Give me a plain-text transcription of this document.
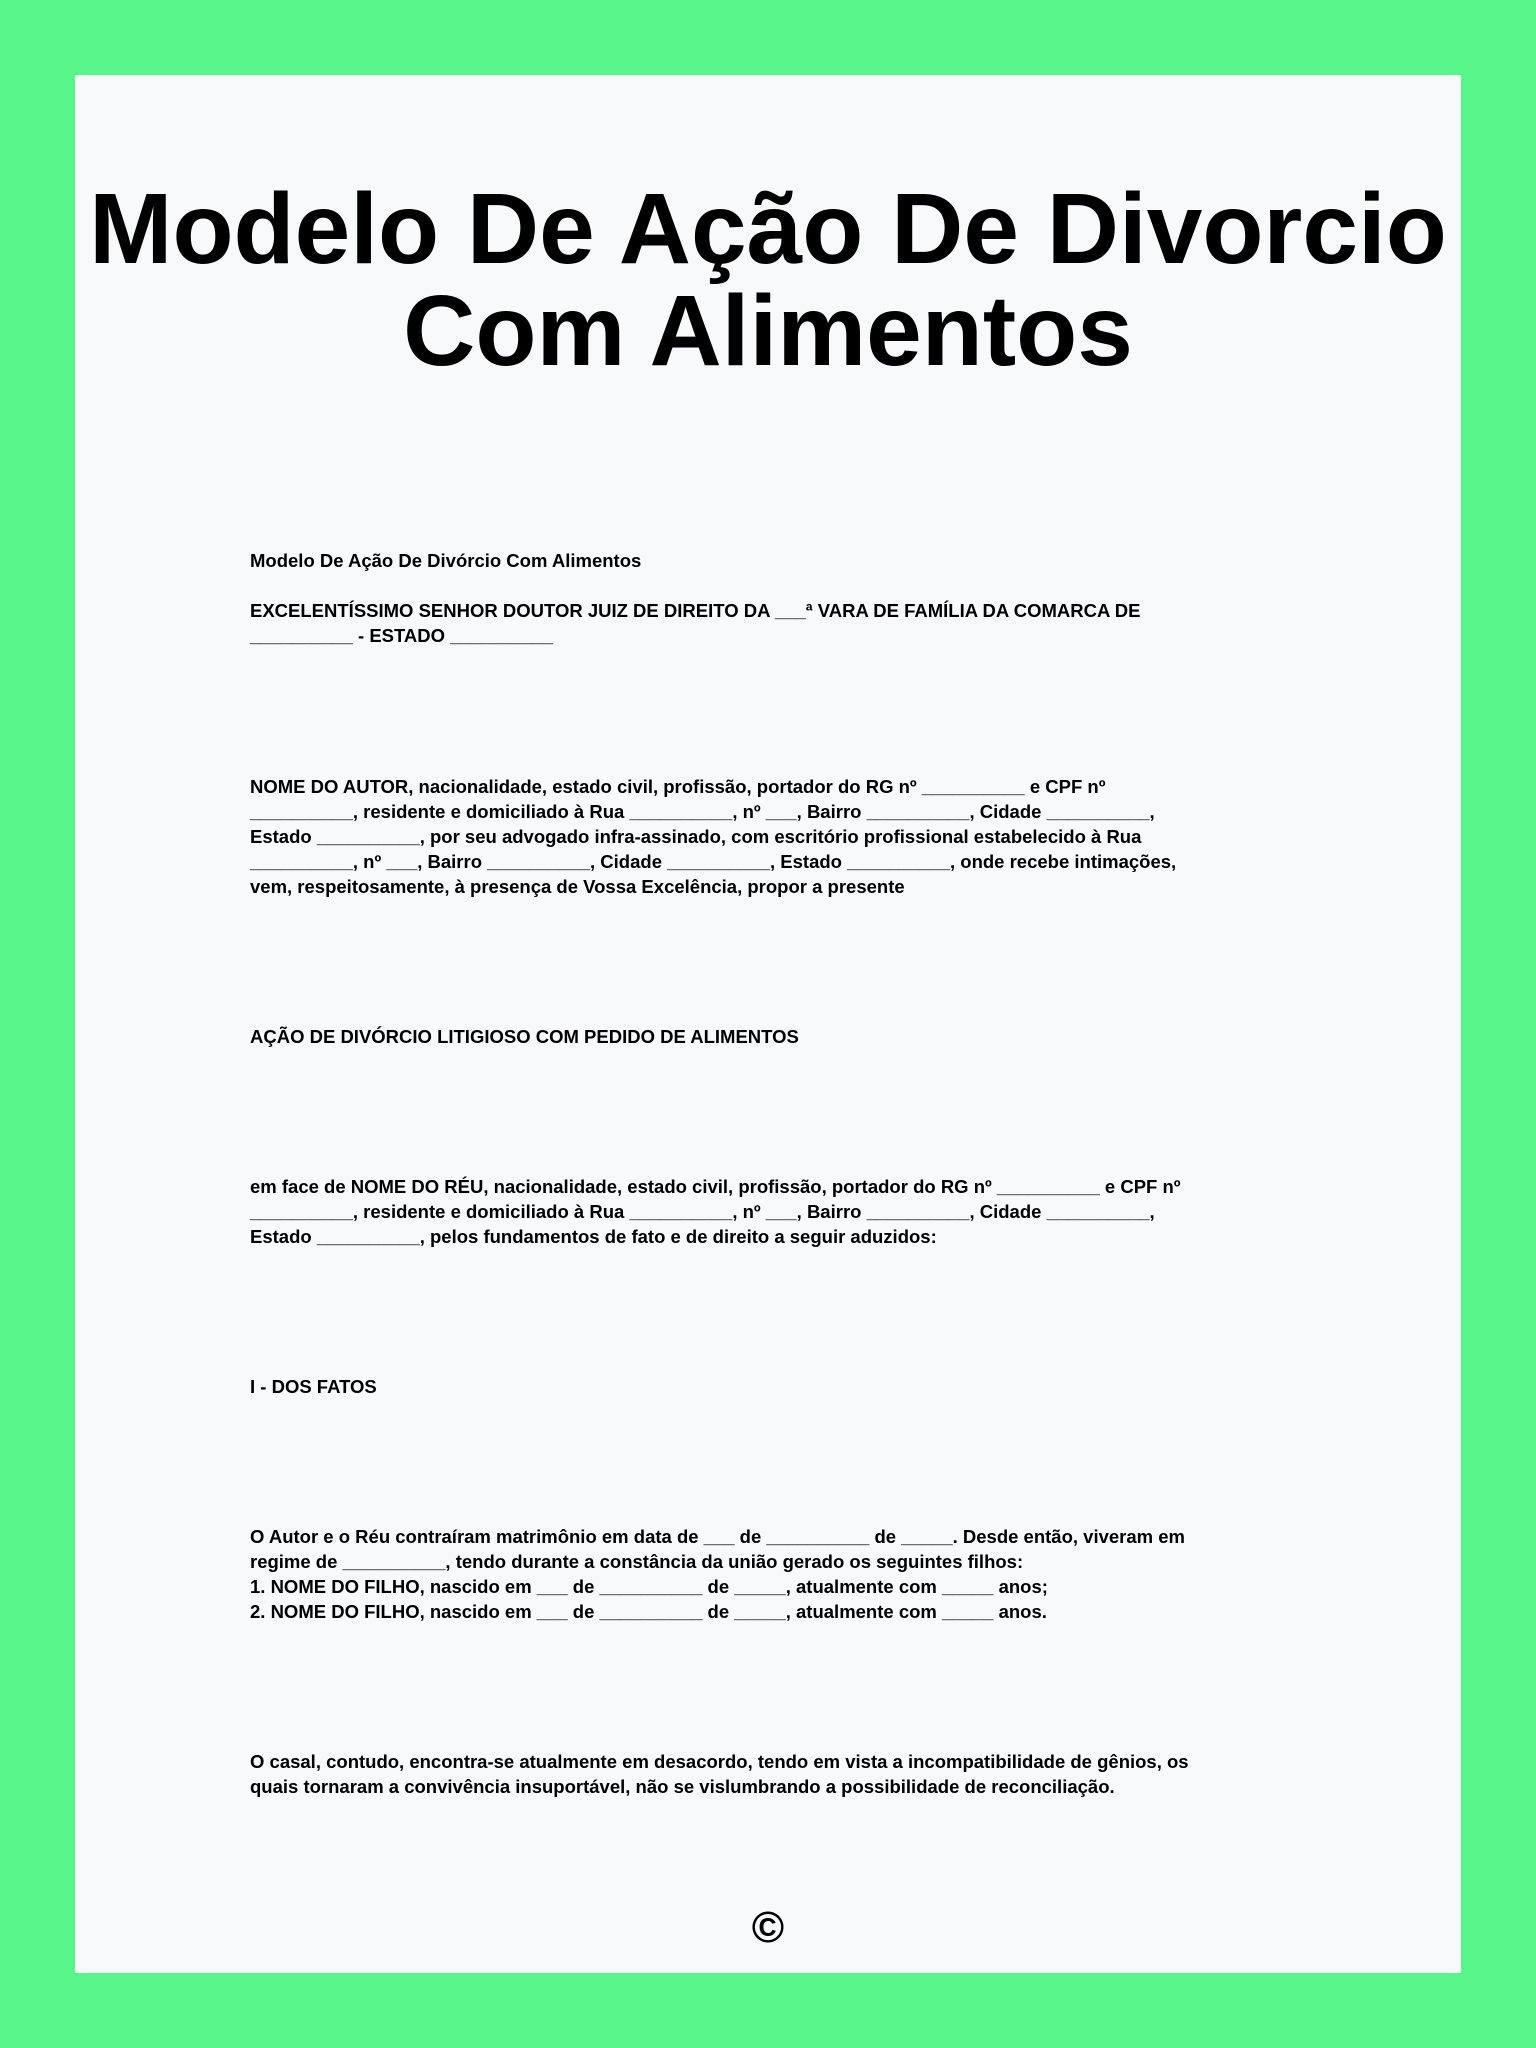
Modelo De Ação De Divorcio
Com Alimentos

Modelo De Ação De Divórcio Com Alimentos

EXCELENTÍSSIMO SENHOR DOUTOR JUIZ DE DIREITO DA ___ª VARA DE FAMÍLIA DA COMARCA DE
__________ - ESTADO __________

NOME DO AUTOR, nacionalidade, estado civil, profissão, portador do RG nº __________ e CPF nº
__________, residente e domiciliado à Rua __________, nº ___, Bairro __________, Cidade __________,
Estado __________, por seu advogado infra-assinado, com escritório profissional estabelecido à Rua
__________, nº ___, Bairro __________, Cidade __________, Estado __________, onde recebe intimações,
vem, respeitosamente, à presença de Vossa Excelência, propor a presente

AÇÃO DE DIVÓRCIO LITIGIOSO COM PEDIDO DE ALIMENTOS

em face de NOME DO RÉU, nacionalidade, estado civil, profissão, portador do RG nº __________ e CPF nº
__________, residente e domiciliado à Rua __________, nº ___, Bairro __________, Cidade __________,
Estado __________, pelos fundamentos de fato e de direito a seguir aduzidos:

I - DOS FATOS

O Autor e o Réu contraíram matrimônio em data de ___ de __________ de _____. Desde então, viveram em
regime de __________, tendo durante a constância da união gerado os seguintes filhos:
1. NOME DO FILHO, nascido em ___ de __________ de _____, atualmente com _____ anos;
2. NOME DO FILHO, nascido em ___ de __________ de _____, atualmente com _____ anos.

O casal, contudo, encontra-se atualmente em desacordo, tendo em vista a incompatibilidade de gênios, os
quais tornaram a convivência insuportável, não se vislumbrando a possibilidade de reconciliação.

©
